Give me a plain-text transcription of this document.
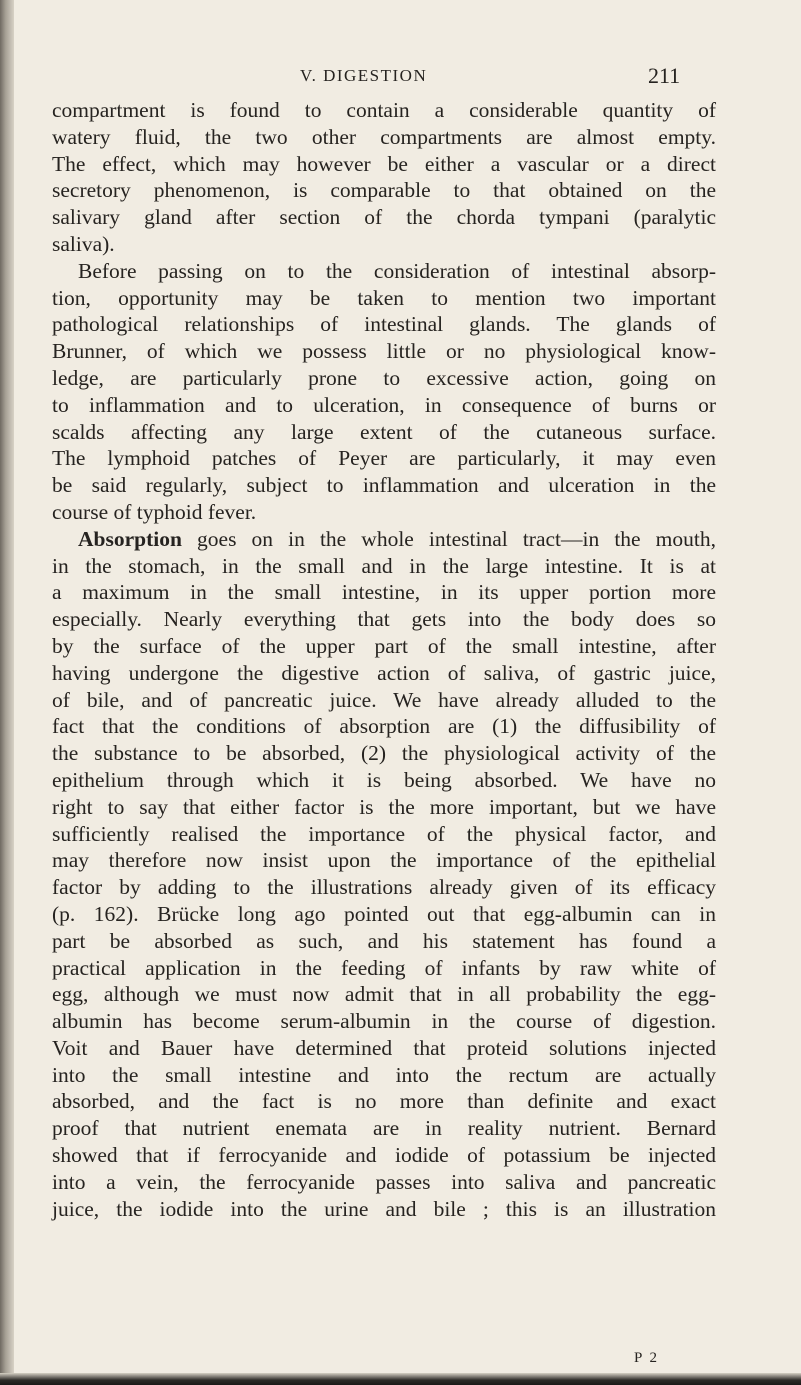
V. DIGESTION	211

compartment is found to contain a considerable quantity of

watery fluid, the two other compartments are almost empty.

The effect, which may however be either a vascular or a direct

secretory phenomenon, is comparable to that obtained on the

salivary gland after section of the chorda tympani (paralytic

saliva).

Before passing on to the consideration of intestinal absorp-

tion, opportunity may be taken to mention two important

pathological relationships of intestinal glands. The glands of

Brunner, of which we possess little or no physiological know-

ledge, are particularly prone to excessive action, going on

to inflammation and to ulceration, in consequence of burns or

scalds affecting any large extent of the cutaneous surface.

The lymphoid patches of Peyer are particularly, it may even

be said regularly, subject to inflammation and ulceration in the

course of typhoid fever.

Absorption goes on in the whole intestinal tract—in the mouth,

in the stomach, in the small and in the large intestine. It is at

a maximum in the small intestine, in its upper portion more

especially. Nearly everything that gets into the body does so

by the surface of the upper part of the small intestine, after

having undergone the digestive action of saliva, of gastric juice,

of bile, and of pancreatic juice. We have already alluded to the

fact that the conditions of absorption are (1) the diffusibility of

the substance to be absorbed, (2) the physiological activity of the

epithelium through which it is being absorbed. We have no

right to say that either factor is the more important, but we have

sufficiently realised the importance of the physical factor, and

may therefore now insist upon the importance of the epithelial

factor by adding to the illustrations already given of its efficacy

(p. 162). Brücke long ago pointed out that egg-albumin can in

part be absorbed as such, and his statement has found a

practical application in the feeding of infants by raw white of

egg, although we must now admit that in all probability the egg-

albumin has become serum-albumin in the course of digestion.

Voit and Bauer have determined that proteid solutions injected

into the small intestine and into the rectum are actually

absorbed, and the fact is no more than definite and exact

proof that nutrient enemata are in reality nutrient. Bernard

showed that if ferrocyanide and iodide of potassium be injected

into a vein, the ferrocyanide passes into saliva and pancreatic

juice, the iodide into the urine and bile ; this is an illustration

P 2
